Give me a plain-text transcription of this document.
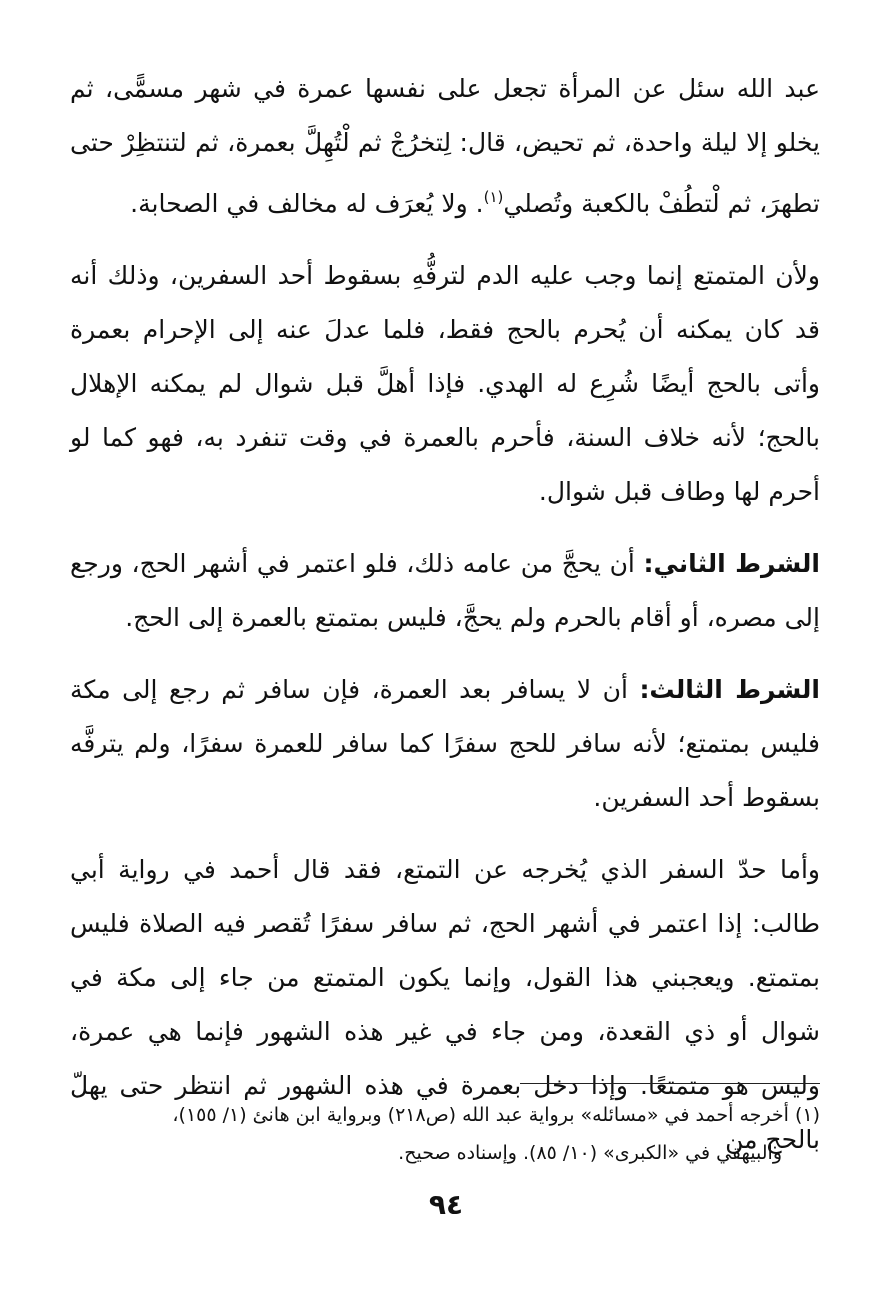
عبد الله سئل عن المرأة تجعل على نفسها عمرة في شهر مسمًّى، ثم يخلو إلا ليلة واحدة، ثم تحيض، قال: لِتخرُجْ ثم لْتُهِلَّ بعمرة، ثم لتنتظِرْ حتى تطهرَ، ثم لْتطُفْ بالكعبة وتُصلي$^{(١)}$. ولا يُعرَف له مخالف في الصحابة.

ولأن المتمتع إنما وجب عليه الدم لترفُّهِ بسقوط أحد السفرين، وذلك أنه قد كان يمكنه أن يُحرم بالحج فقط، فلما عدلَ عنه إلى الإحرام بعمرة وأتى بالحج أيضًا شُرِع له الهدي. فإذا أهلَّ قبل شوال لم يمكنه الإهلال بالحج؛ لأنه خلاف السنة، فأحرم بالعمرة في وقت تنفرد به، فهو كما لو أحرم لها وطاف قبل شوال.

الشرط الثاني: أن يحجَّ من عامه ذلك، فلو اعتمر في أشهر الحج، ورجع إلى مصره، أو أقام بالحرم ولم يحجَّ، فليس بمتمتع بالعمرة إلى الحج.

الشرط الثالث: أن لا يسافر بعد العمرة، فإن سافر ثم رجع إلى مكة فليس بمتمتع؛ لأنه سافر للحج سفرًا كما سافر للعمرة سفرًا، ولم يترفَّه بسقوط أحد السفرين.

وأما حدّ السفر الذي يُخرجه عن التمتع، فقد قال أحمد في رواية أبي طالب: إذا اعتمر في أشهر الحج، ثم سافر سفرًا تُقصر فيه الصلاة فليس بمتمتع. ويعجبني هذا القول، وإنما يكون المتمتع من جاء إلى مكة في شوال أو ذي القعدة، ومن جاء في غير هذه الشهور فإنما هي عمرة، وليس هو متمتعًا. وإذا دخل بعمرة في هذه الشهور ثم انتظر حتى يهلّ بالحج من

(١) أخرجه أحمد في «مسائله» برواية عبد الله (ص٢١٨) وبرواية ابن هانئ (١/ ١٥٥)،

والبيهقي في «الكبرى» (١٠/ ٨٥). وإسناده صحيح.

٩٤
